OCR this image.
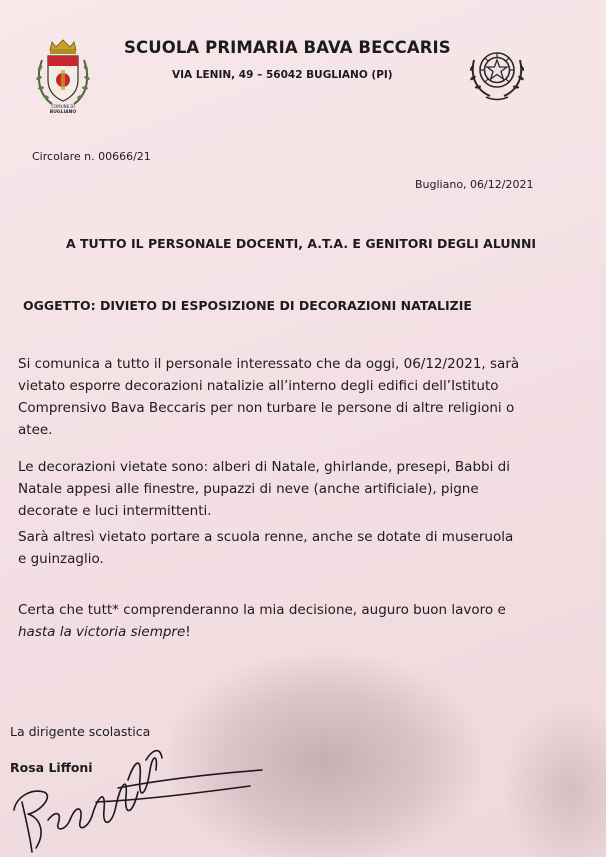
COMUNE DI
BUGLIANO
SCUOLA PRIMARIA BAVA BECCARIS
VIA LENIN, 49 – 56042 BUGLIANO (PI)
Circolare n. 00666/21
Bugliano, 06/12/2021
A TUTTO IL PERSONALE DOCENTI, A.T.A. E GENITORI DEGLI ALUNNI
OGGETTO: DIVIETO DI ESPOSIZIONE DI DECORAZIONI NATALIZIE
Si comunica a tutto il personale interessato che da oggi, 06/12/2021, sarà
vietato esporre decorazioni natalizie all’interno degli edifici dell’Istituto
Comprensivo Bava Beccaris per non turbare le persone di altre religioni o
atee.
Le decorazioni vietate sono: alberi di Natale, ghirlande, presepi, Babbi di
Natale appesi alle finestre, pupazzi di neve (anche artificiale), pigne
decorate e luci intermittenti.
Sarà altresì vietato portare a scuola renne, anche se dotate di museruola
e guinzaglio.
Certa che tutt* comprenderanno la mia decisione, auguro buon lavoro e
hasta la victoria siempre!
La dirigente scolastica
Rosa Liffoni
